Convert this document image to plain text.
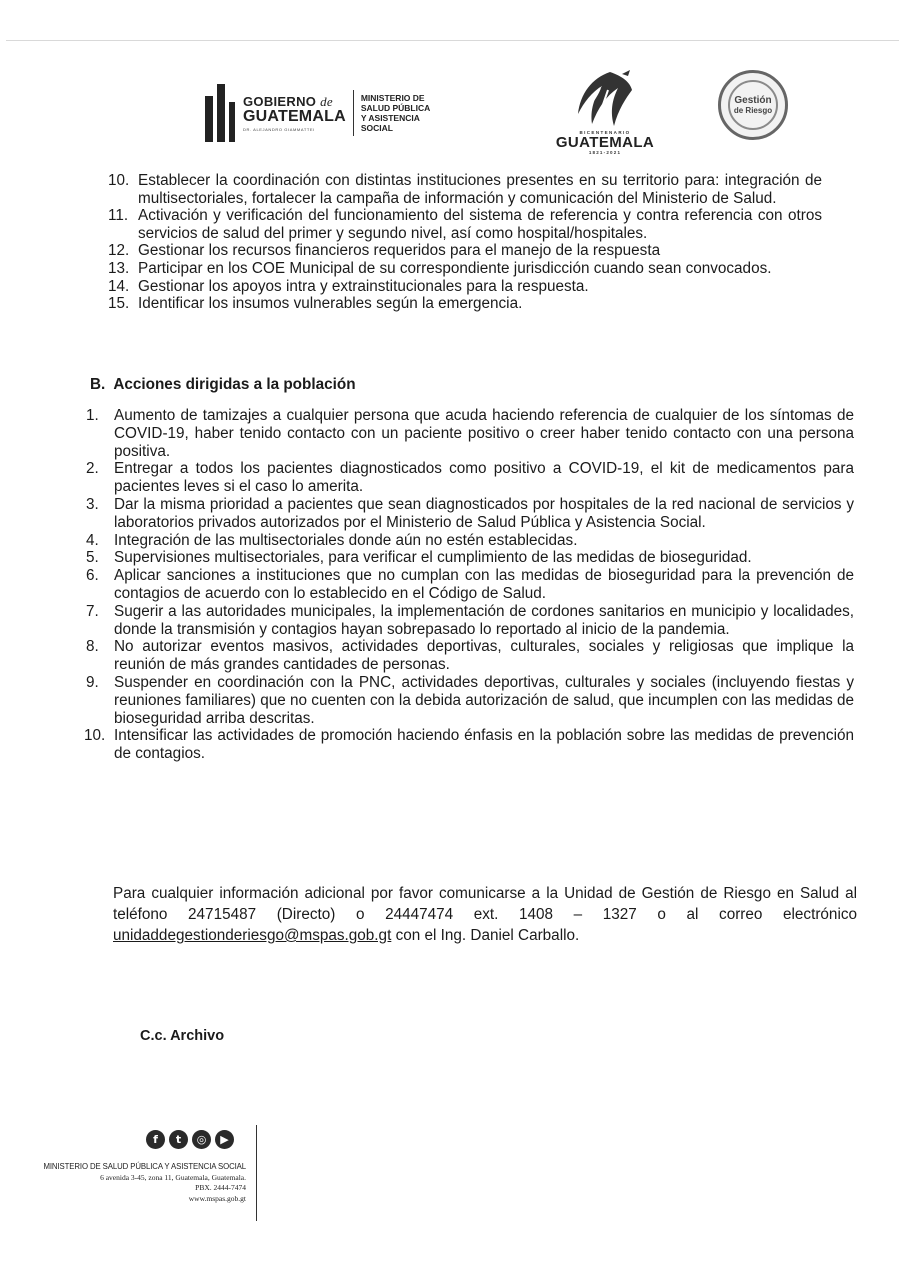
GOBIERNO de
GUATEMALA
DR. ALEJANDRO GIAMMATTEI
MINISTERIO DE
SALUD PÚBLICA
Y ASISTENCIA
SOCIAL	BICENTENARIO
GUATEMALA
1821-2021
Gestión
de Riesgo
10. Establecer la coordinación con distintas instituciones presentes en su territorio para: integración de multisectoriales, fortalecer la campaña de información y comunicación del Ministerio de Salud.
11. Activación y verificación del funcionamiento del sistema de referencia y contra referencia con otros servicios de salud del primer y segundo nivel, así como hospital/hospitales.
12. Gestionar los recursos financieros requeridos para el manejo de la respuesta
13. Participar en los COE Municipal de su correspondiente jurisdicción cuando sean convocados.
14. Gestionar los apoyos intra y extrainstitucionales para la respuesta.
15. Identificar los insumos vulnerables según la emergencia.
B. Acciones dirigidas a la población
1. Aumento de tamizajes a cualquier persona que acuda haciendo referencia de cualquier de los síntomas de COVID-19, haber tenido contacto con un paciente positivo o creer haber tenido contacto con una persona positiva.
2. Entregar a todos los pacientes diagnosticados como positivo a COVID-19, el kit de medicamentos para pacientes leves si el caso lo amerita.
3. Dar la misma prioridad a pacientes que sean diagnosticados por hospitales de la red nacional de servicios y laboratorios privados autorizados por el Ministerio de Salud Pública y Asistencia Social.
4. Integración de las multisectoriales donde aún no estén establecidas.
5. Supervisiones multisectoriales, para verificar el cumplimiento de las medidas de bioseguridad.
6. Aplicar sanciones a instituciones que no cumplan con las medidas de bioseguridad para la prevención de contagios de acuerdo con lo establecido en el Código de Salud.
7. Sugerir a las autoridades municipales, la implementación de cordones sanitarios en municipio y localidades, donde la transmisión y contagios hayan sobrepasado lo reportado al inicio de la pandemia.
8. No autorizar eventos masivos, actividades deportivas, culturales, sociales y religiosas que implique la reunión de más grandes cantidades de personas.
9. Suspender en coordinación con la PNC, actividades deportivas, culturales y sociales (incluyendo fiestas y reuniones familiares) que no cuenten con la debida autorización de salud, que incumplen con las medidas de bioseguridad arriba descritas.
10. Intensificar las actividades de promoción haciendo énfasis en la población sobre las medidas de prevención de contagios.

Para cualquier información adicional por favor comunicarse a la Unidad de Gestión de Riesgo en Salud al teléfono 24715487 (Directo) o 24447474 ext. 1408 – 1327 o al correo electrónico unidaddegestionderiesgo@mspas.gob.gt con el Ing. Daniel Carballo.

C.c. Archivo
f	t	◎	▶
MINISTERIO DE SALUD PÚBLICA Y ASISTENCIA SOCIAL
6 avenida 3-45, zona 11, Guatemala, Guatemala.
PBX. 2444-7474
www.mspas.gob.gt
